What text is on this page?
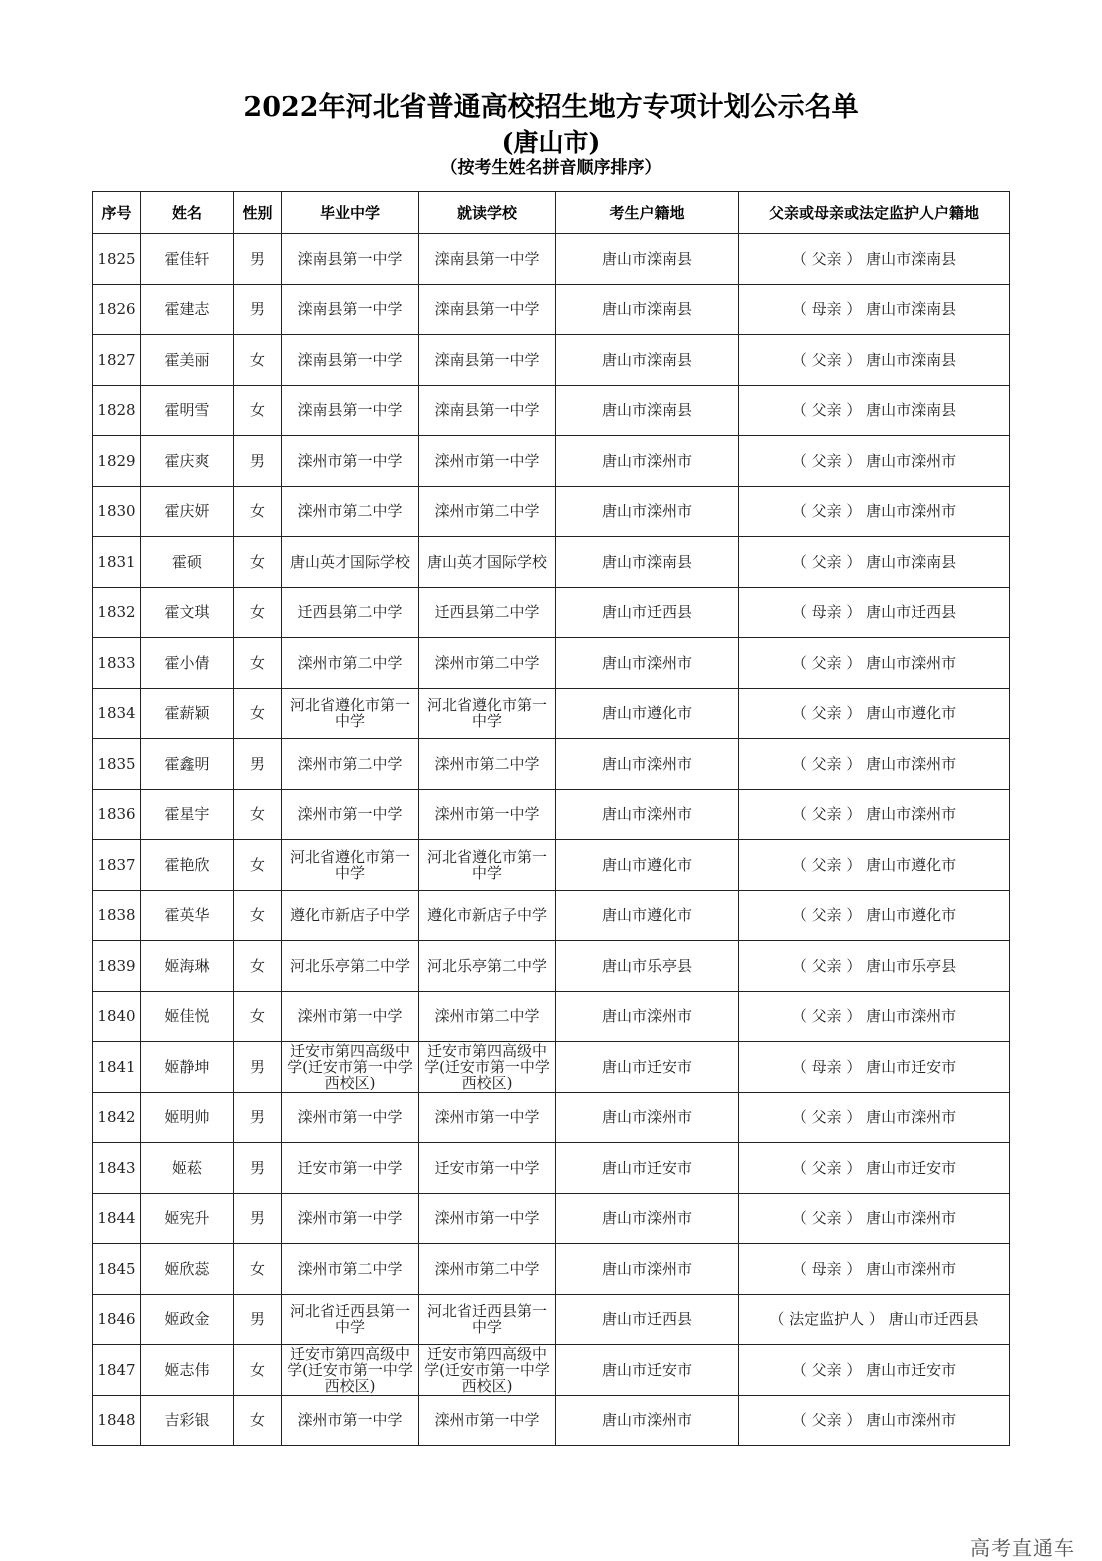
2022年河北省普通高校招生地方专项计划公示名单
(唐山市)
（按考生姓名拼音顺序排序）
序号	姓名	性别	毕业中学	就读学校	考生户籍地	父亲或母亲或法定监护人户籍地
1825	霍佳轩	男	滦南县第一中学	滦南县第一中学	唐山市滦南县	（ 父亲 ） 唐山市滦南县
1826	霍建志	男	滦南县第一中学	滦南县第一中学	唐山市滦南县	（ 母亲 ） 唐山市滦南县
1827	霍美丽	女	滦南县第一中学	滦南县第一中学	唐山市滦南县	（ 父亲 ） 唐山市滦南县
1828	霍明雪	女	滦南县第一中学	滦南县第一中学	唐山市滦南县	（ 父亲 ） 唐山市滦南县
1829	霍庆爽	男	滦州市第一中学	滦州市第一中学	唐山市滦州市	（ 父亲 ） 唐山市滦州市
1830	霍庆妍	女	滦州市第二中学	滦州市第二中学	唐山市滦州市	（ 父亲 ） 唐山市滦州市
1831	霍硕	女	唐山英才国际学校	唐山英才国际学校	唐山市滦南县	（ 父亲 ） 唐山市滦南县
1832	霍文琪	女	迁西县第二中学	迁西县第二中学	唐山市迁西县	（ 母亲 ） 唐山市迁西县
1833	霍小倩	女	滦州市第二中学	滦州市第二中学	唐山市滦州市	（ 父亲 ） 唐山市滦州市
1834	霍薪颖	女	河北省遵化市第一中学	河北省遵化市第一中学	唐山市遵化市	（ 父亲 ） 唐山市遵化市
1835	霍鑫明	男	滦州市第二中学	滦州市第二中学	唐山市滦州市	（ 父亲 ） 唐山市滦州市
1836	霍星宇	女	滦州市第一中学	滦州市第一中学	唐山市滦州市	（ 父亲 ） 唐山市滦州市
1837	霍艳欣	女	河北省遵化市第一中学	河北省遵化市第一中学	唐山市遵化市	（ 父亲 ） 唐山市遵化市
1838	霍英华	女	遵化市新店子中学	遵化市新店子中学	唐山市遵化市	（ 父亲 ） 唐山市遵化市
1839	姬海琳	女	河北乐亭第二中学	河北乐亭第二中学	唐山市乐亭县	（ 父亲 ） 唐山市乐亭县
1840	姬佳悦	女	滦州市第一中学	滦州市第二中学	唐山市滦州市	（ 父亲 ） 唐山市滦州市
1841	姬静坤	男	迁安市第四高级中学(迁安市第一中学西校区)	迁安市第四高级中学(迁安市第一中学西校区)	唐山市迁安市	（ 母亲 ） 唐山市迁安市
1842	姬明帅	男	滦州市第一中学	滦州市第一中学	唐山市滦州市	（ 父亲 ） 唐山市滦州市
1843	姬菘	男	迁安市第一中学	迁安市第一中学	唐山市迁安市	（ 父亲 ） 唐山市迁安市
1844	姬宪升	男	滦州市第一中学	滦州市第一中学	唐山市滦州市	（ 父亲 ） 唐山市滦州市
1845	姬欣蕊	女	滦州市第二中学	滦州市第二中学	唐山市滦州市	（ 母亲 ） 唐山市滦州市
1846	姬政金	男	河北省迁西县第一中学	河北省迁西县第一中学	唐山市迁西县	（ 法定监护人 ） 唐山市迁西县
1847	姬志伟	女	迁安市第四高级中学(迁安市第一中学西校区)	迁安市第四高级中学(迁安市第一中学西校区)	唐山市迁安市	（ 父亲 ） 唐山市迁安市
1848	吉彩银	女	滦州市第一中学	滦州市第一中学	唐山市滦州市	（ 父亲 ） 唐山市滦州市
高考直通车
